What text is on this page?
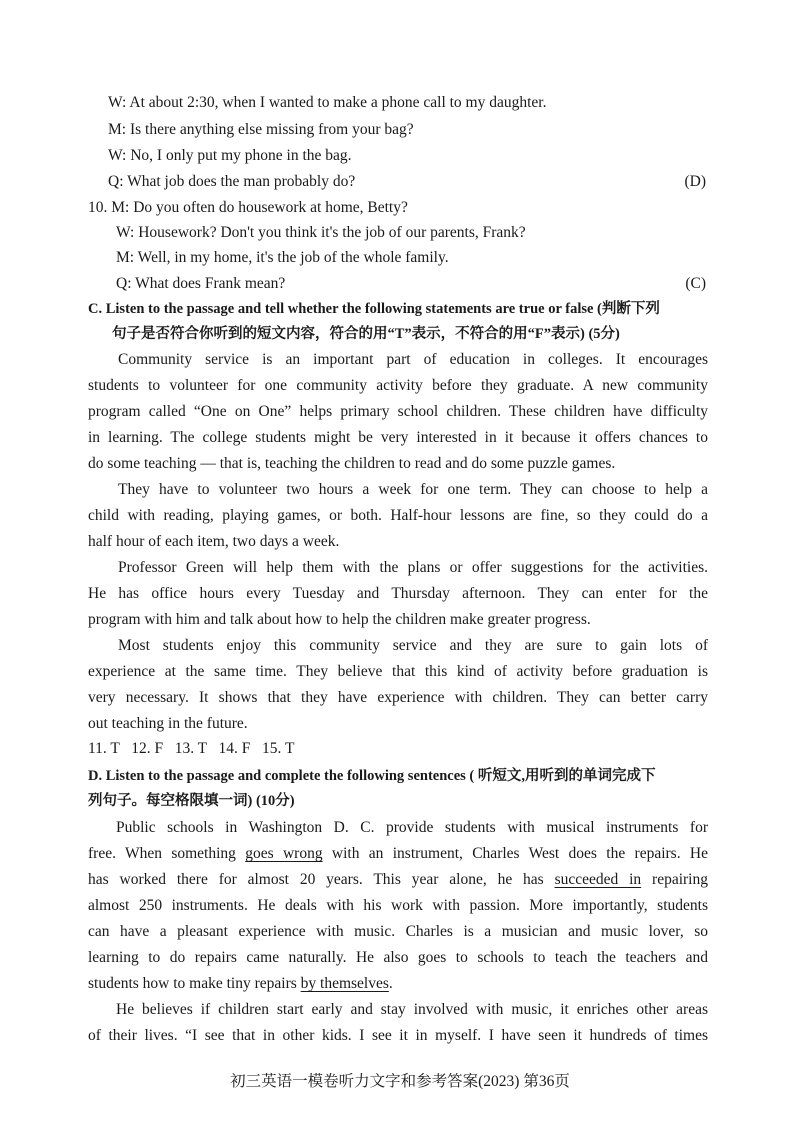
W: At about 2:30, when I wanted to make a phone call to my daughter.
M: Is there anything else missing from your bag?
W: No, I only put my phone in the bag.
Q: What job does the man probably do?	(D)
10. M: Do you often do housework at home, Betty?
W: Housework? Don't you think it's the job of our parents, Frank?
M: Well, in my home, it's the job of the whole family.
Q: What does Frank mean?	(C)
C. Listen to the passage and tell whether the following statements are true or false (判断下列
句子是否符合你听到的短文内容，符合的用“T”表示，不符合的用“F”表示) (5分)
Community service is an important part of education in colleges. It encourages
students to volunteer for one community activity before they graduate. A new community
program called “One on One” helps primary school children. These children have difficulty
in learning. The college students might be very interested in it because it offers chances to
do some teaching — that is, teaching the children to read and do some puzzle games.
They have to volunteer two hours a week for one term. They can choose to help a
child with reading, playing games, or both. Half-hour lessons are fine, so they could do a
half hour of each item, two days a week.
Professor Green will help them with the plans or offer suggestions for the activities.
He has office hours every Tuesday and Thursday afternoon. They can enter for the
program with him and talk about how to help the children make greater progress.
Most students enjoy this community service and they are sure to gain lots of
experience at the same time. They believe that this kind of activity before graduation is
very necessary. It shows that they have experience with children. They can better carry
out teaching in the future.
11. T   12. F   13. T   14. F   15. T
D. Listen to the passage and complete the following sentences ( 听短文,用听到的单词完成下
列句子。每空格限填一词) (10分)
Public schools in Washington D. C. provide students with musical instruments for
free. When something goes wrong with an instrument, Charles West does the repairs. He
has worked there for almost 20 years. This year alone, he has succeeded in repairing
almost 250 instruments. He deals with his work with passion. More importantly, students
can have a pleasant experience with music. Charles is a musician and music lover, so
learning to do repairs came naturally. He also goes to schools to teach the teachers and
students how to make tiny repairs by themselves.
He believes if children start early and stay involved with music, it enriches other areas
of their lives. “I see that in other kids. I see it in myself. I have seen it hundreds of times
初三英语一模卷听力文字和参考答案(2023) 第36页
